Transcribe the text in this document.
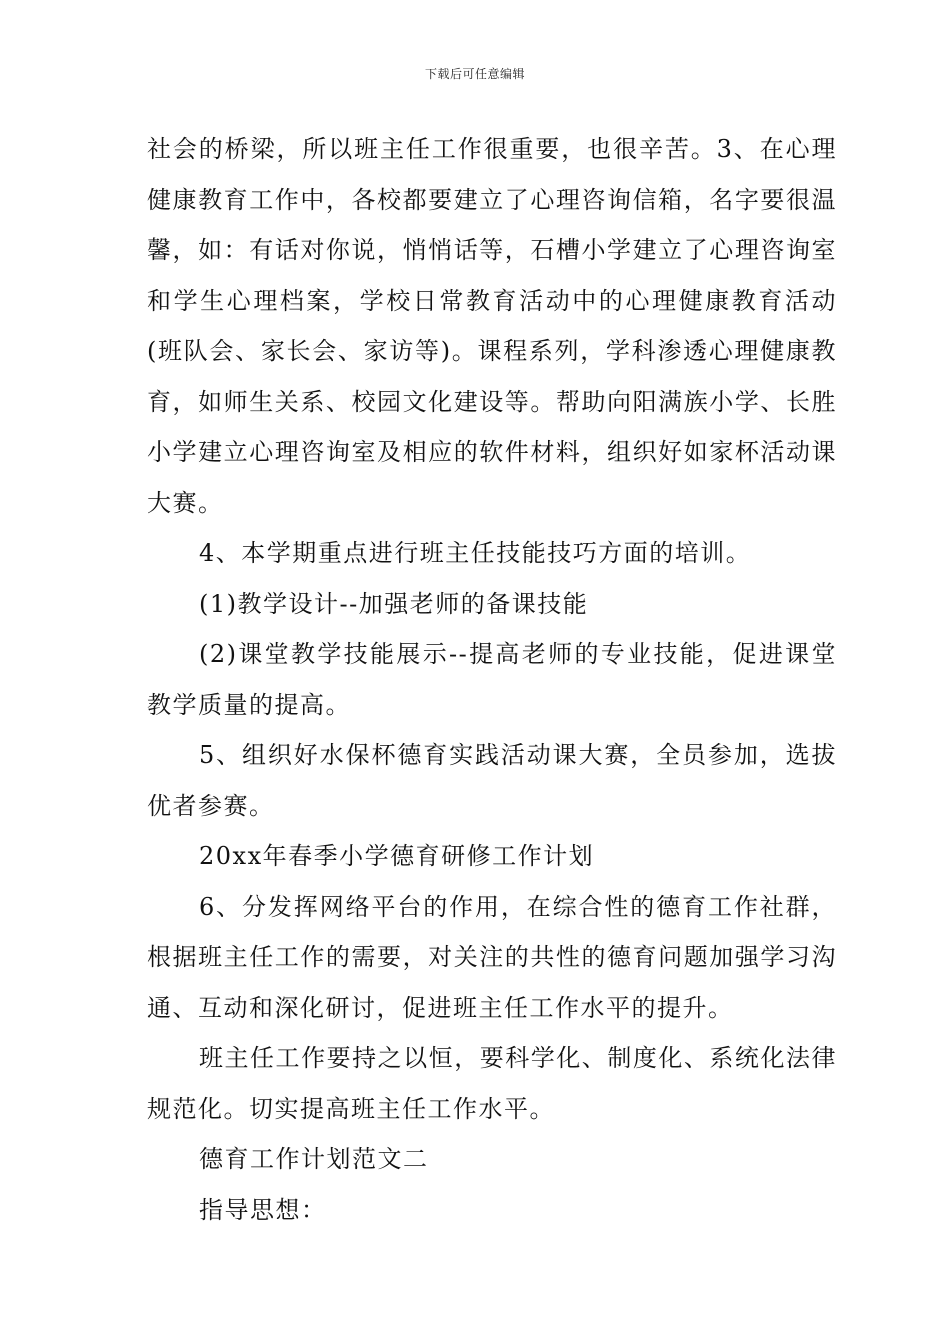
下载后可任意编辑

社会的桥梁，所以班主任工作很重要，也很辛苦。3、在心理健康教育工作中，各校都要建立了心理咨询信箱，名字要很温馨，如：有话对你说，悄悄话等，石槽小学建立了心理咨询室和学生心理档案，学校日常教育活动中的心理健康教育活动(班队会、家长会、家访等)。课程系列，学科渗透心理健康教育，如师生关系、校园文化建设等。帮助向阳满族小学、长胜小学建立心理咨询室及相应的软件材料，组织好如家杯活动课大赛。

4、本学期重点进行班主任技能技巧方面的培训。

(1)教学设计--加强老师的备课技能

(2)课堂教学技能展示--提高老师的专业技能，促进课堂教学质量的提高。

5、组织好水保杯德育实践活动课大赛，全员参加，选拔优者参赛。

20xx年春季小学德育研修工作计划

6、分发挥网络平台的作用，在综合性的德育工作社群，根据班主任工作的需要，对关注的共性的德育问题加强学习沟通、互动和深化研讨，促进班主任工作水平的提升。

班主任工作要持之以恒，要科学化、制度化、系统化法律规范化。切实提高班主任工作水平。

德育工作计划范文二

指导思想：
